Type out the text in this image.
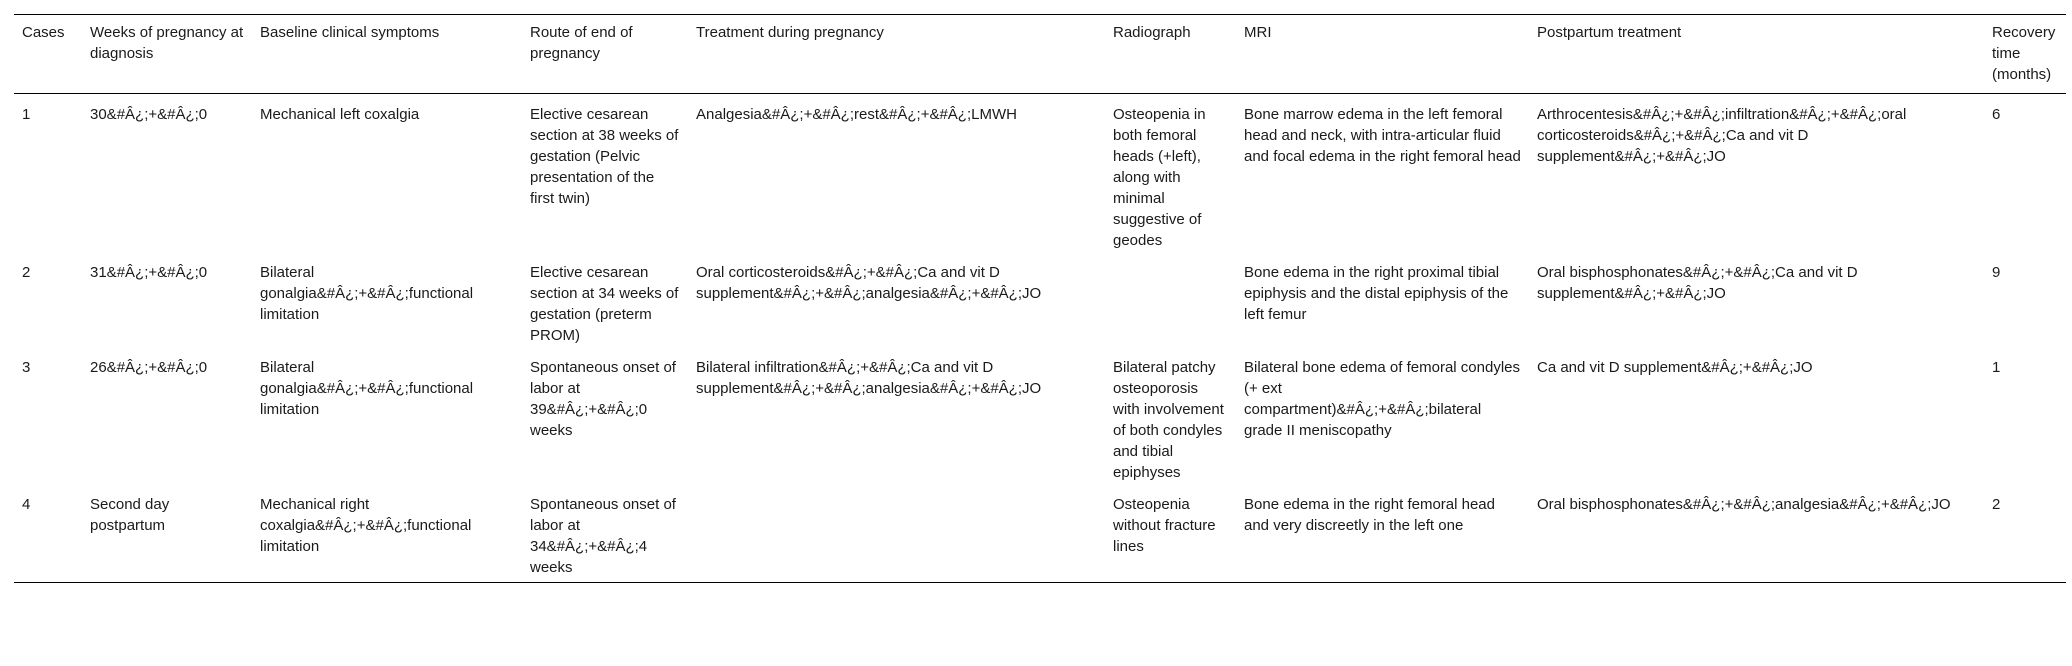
Cases	Weeks of pregnancy at diagnosis	Baseline clinical symptoms	Route of end of pregnancy	Treatment during pregnancy	Radiograph	MRI	Postpartum treatment	Recovery time (months)
1	30&#Â¿;+&#Â¿;0	Mechanical left coxalgia	Elective cesarean section at 38 weeks of gestation (Pelvic presentation of the first twin)	Analgesia&#Â¿;+&#Â¿;rest&#Â¿;+&#Â¿;LMWH	Osteopenia in both femoral heads (+left), along with minimal suggestive of geodes	Bone marrow edema in the left femoral head and neck, with intra-articular fluid and focal edema in the right femoral head	Arthrocentesis&#Â¿;+&#Â¿;infiltration&#Â¿;+&#Â¿;oral corticosteroids&#Â¿;+&#Â¿;Ca and vit D supplement&#Â¿;+&#Â¿;JO	6
2	31&#Â¿;+&#Â¿;0	Bilateral gonalgia&#Â¿;+&#Â¿;functional limitation	Elective cesarean section at 34 weeks of gestation (preterm PROM)	Oral corticosteroids&#Â¿;+&#Â¿;Ca and vit D supplement&#Â¿;+&#Â¿;analgesia&#Â¿;+&#Â¿;JO		Bone edema in the right proximal tibial epiphysis and the distal epiphysis of the left femur	Oral bisphosphonates&#Â¿;+&#Â¿;Ca and vit D supplement&#Â¿;+&#Â¿;JO	9
3	26&#Â¿;+&#Â¿;0	Bilateral gonalgia&#Â¿;+&#Â¿;functional limitation	Spontaneous onset of labor at 39&#Â¿;+&#Â¿;0 weeks	Bilateral infiltration&#Â¿;+&#Â¿;Ca and vit D supplement&#Â¿;+&#Â¿;analgesia&#Â¿;+&#Â¿;JO	Bilateral patchy osteoporosis with involvement of both condyles and tibial epiphyses	Bilateral bone edema of femoral condyles (+ ext compartment)&#Â¿;+&#Â¿;bilateral grade II meniscopathy	Ca and vit D supplement&#Â¿;+&#Â¿;JO	1
4	Second day postpartum	Mechanical right coxalgia&#Â¿;+&#Â¿;functional limitation	Spontaneous onset of labor at 34&#Â¿;+&#Â¿;4 weeks		Osteopenia without fracture lines	Bone edema in the right femoral head and very discreetly in the left one	Oral bisphosphonates&#Â¿;+&#Â¿;analgesia&#Â¿;+&#Â¿;JO	2
